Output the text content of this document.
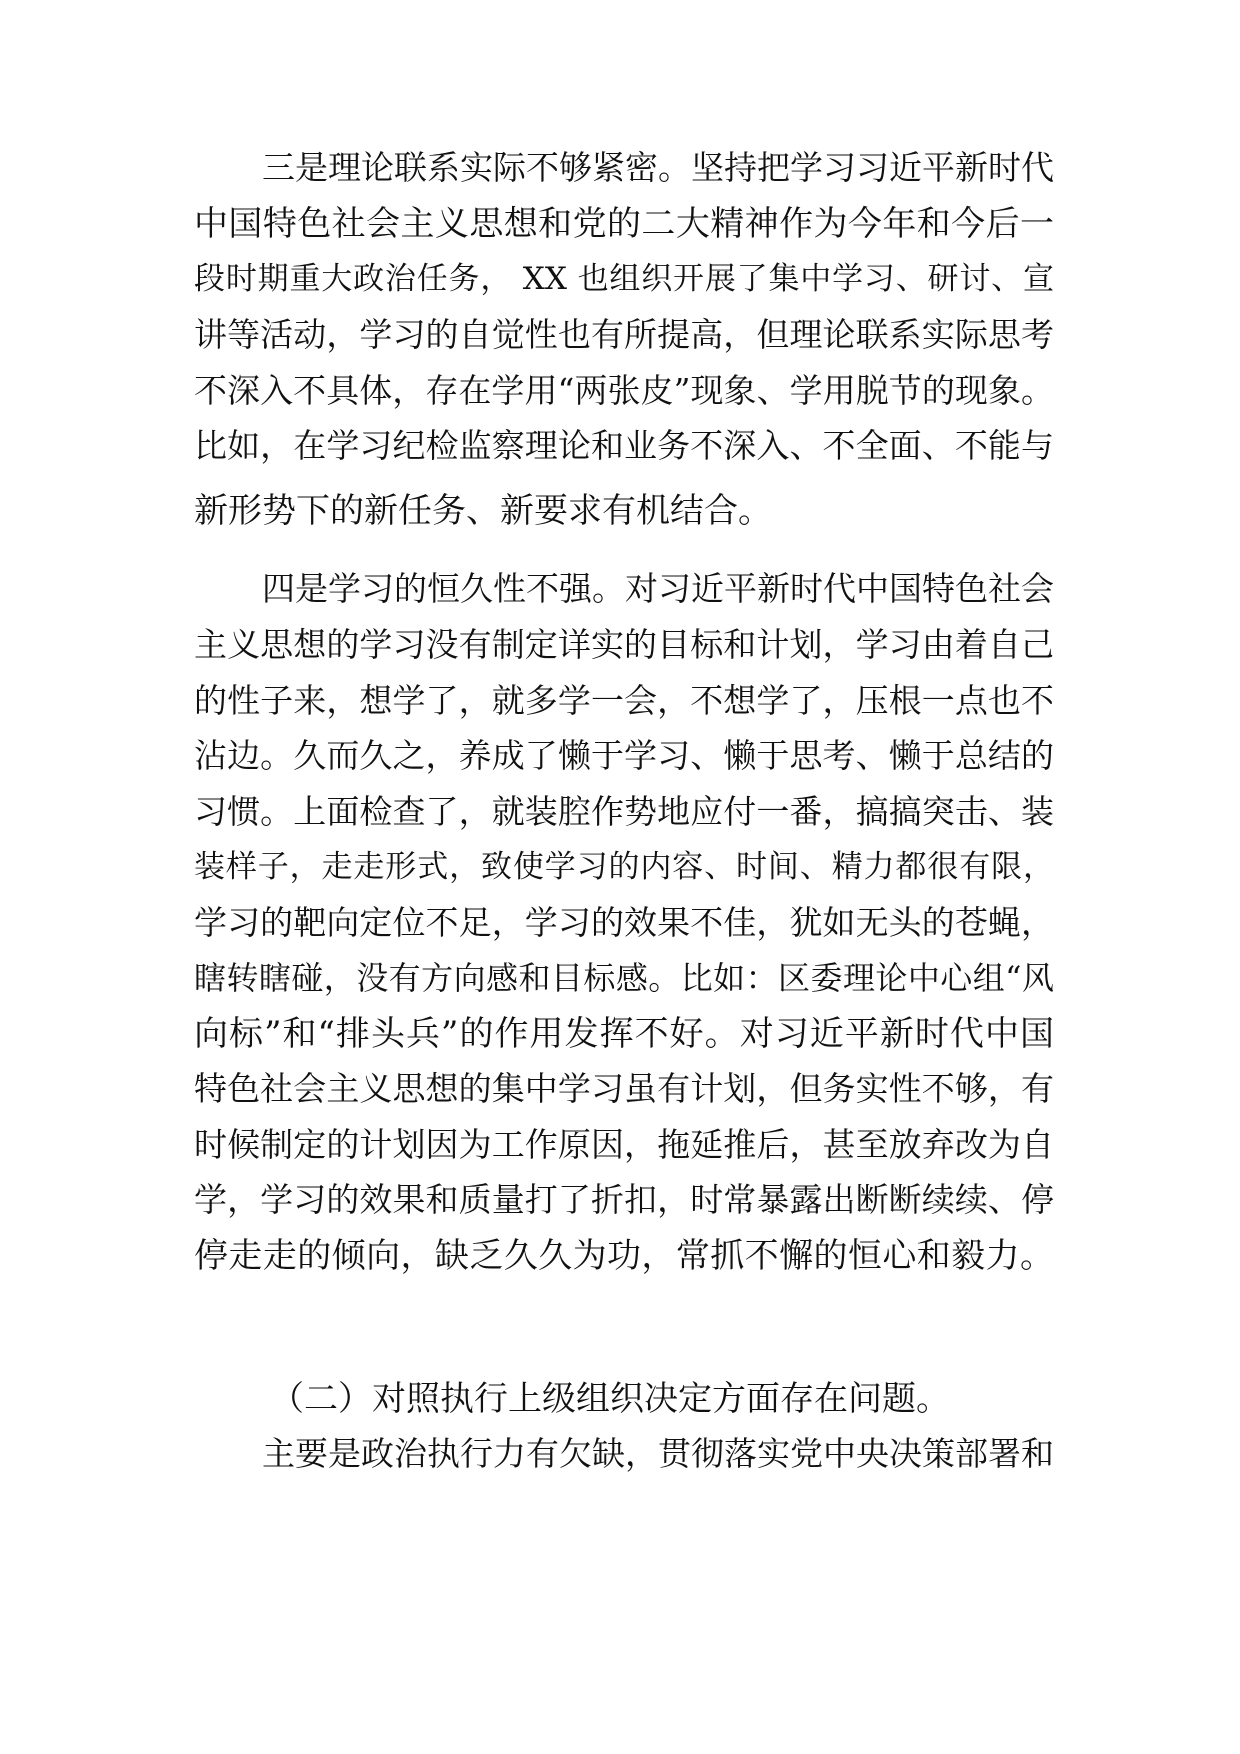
三是理论联系实际不够紧密。坚持把学习习近平新时代
中国特色社会主义思想和党的二大精神作为今年和今后一
段时期重大政治任务， XX 也组织开展了集中学习、研讨、宣
讲等活动，学习的自觉性也有所提高，但理论联系实际思考
不深入不具体，存在学用“两张皮”现象、学用脱节的现象。
比如，在学习纪检监察理论和业务不深入、不全面、不能与
新形势下的新任务、新要求有机结合。
四是学习的恒久性不强。对习近平新时代中国特色社会
主义思想的学习没有制定详实的目标和计划，学习由着自己
的性子来，想学了，就多学一会，不想学了，压根一点也不
沾边。久而久之，养成了懒于学习、懒于思考、懒于总结的
习惯。上面检查了，就装腔作势地应付一番，搞搞突击、装
装样子，走走形式，致使学习的内容、时间、精力都很有限，
学习的靶向定位不足，学习的效果不佳，犹如无头的苍蝇，
瞎转瞎碰，没有方向感和目标感。比如：区委理论中心组“风
向标”和“排头兵”的作用发挥不好。对习近平新时代中国
特色社会主义思想的集中学习虽有计划，但务实性不够，有
时候制定的计划因为工作原因，拖延推后，甚至放弃改为自
学，学习的效果和质量打了折扣，时常暴露出断断续续、停
停走走的倾向，缺乏久久为功，常抓不懈的恒心和毅力。
（二）对照执行上级组织决定方面存在问题。
主要是政治执行力有欠缺，贯彻落实党中央决策部署和
